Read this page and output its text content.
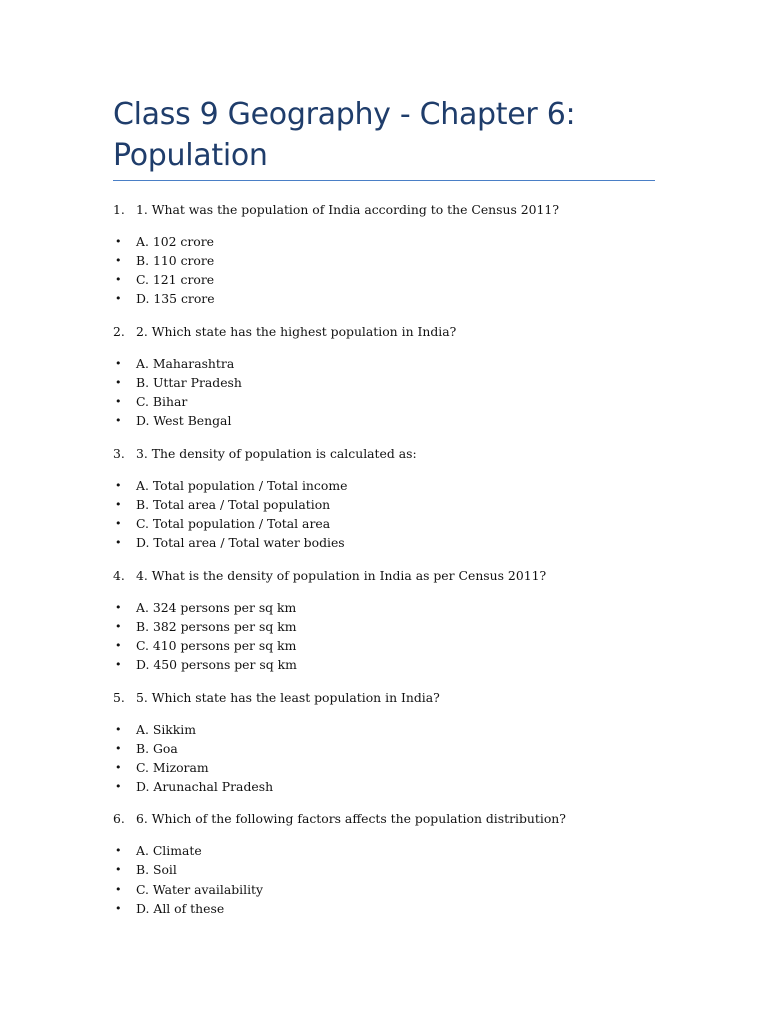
Class 9 Geography - Chapter 6: Population
1. 1. What was the population of India according to the Census 2011?
• A. 102 crore
• B. 110 crore
• C. 121 crore
• D. 135 crore
2. 2. Which state has the highest population in India?
• A. Maharashtra
• B. Uttar Pradesh
• C. Bihar
• D. West Bengal
3. 3. The density of population is calculated as:
• A. Total population / Total income
• B. Total area / Total population
• C. Total population / Total area
• D. Total area / Total water bodies
4. 4. What is the density of population in India as per Census 2011?
• A. 324 persons per sq km
• B. 382 persons per sq km
• C. 410 persons per sq km
• D. 450 persons per sq km
5. 5. Which state has the least population in India?
• A. Sikkim
• B. Goa
• C. Mizoram
• D. Arunachal Pradesh
6. 6. Which of the following factors affects the population distribution?
• A. Climate
• B. Soil
• C. Water availability
• D. All of these
